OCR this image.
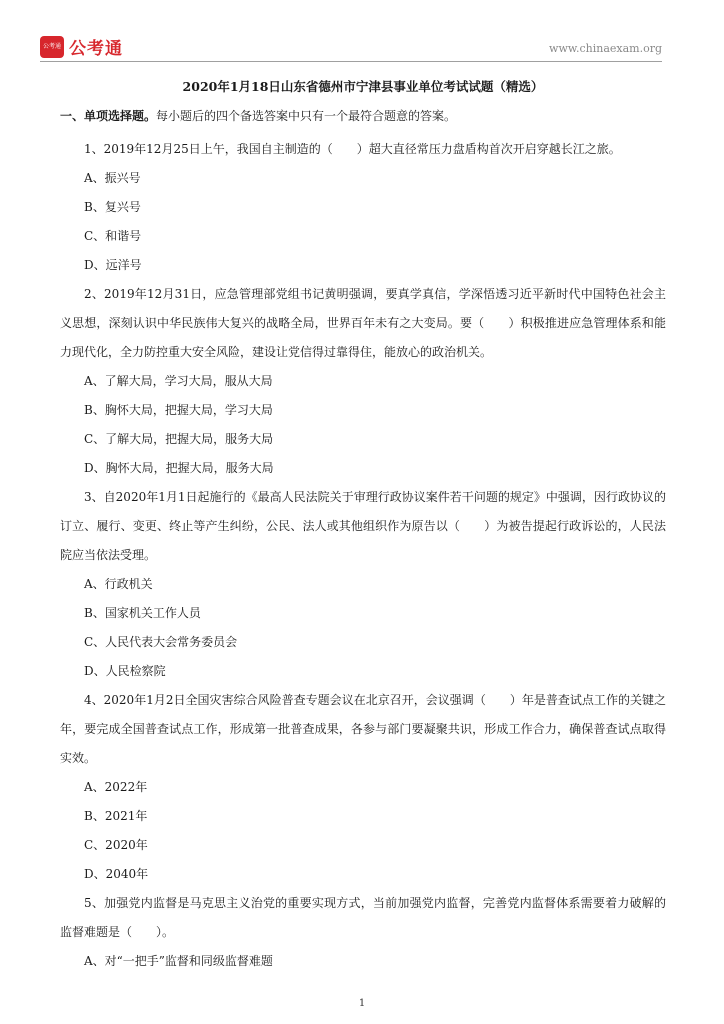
公考通 公考通	www.chinaexam.org
2020年1月18日山东省德州市宁津县事业单位考试试题（精选）
一、单项选择题。每小题后的四个备选答案中只有一个最符合题意的答案。

1、2019年12月25日上午，我国自主制造的（　　）超大直径常压力盘盾构首次开启穿越长江之旅。

A、振兴号

B、复兴号

C、和谐号

D、远洋号

2、2019年12月31日，应急管理部党组书记黄明强调，要真学真信，学深悟透习近平新时代中国特色社会主义思想，深刻认识中华民族伟大复兴的战略全局，世界百年未有之大变局。要（　　）积极推进应急管理体系和能力现代化，全力防控重大安全风险，建设让党信得过靠得住，能放心的政治机关。

A、了解大局，学习大局，服从大局

B、胸怀大局，把握大局，学习大局

C、了解大局，把握大局，服务大局

D、胸怀大局，把握大局，服务大局

3、自2020年1月1日起施行的《最高人民法院关于审理行政协议案件若干问题的规定》中强调，因行政协议的订立、履行、变更、终止等产生纠纷，公民、法人或其他组织作为原告以（　　）为被告提起行政诉讼的，人民法院应当依法受理。

A、行政机关

B、国家机关工作人员

C、人民代表大会常务委员会

D、人民检察院

4、2020年1月2日全国灾害综合风险普查专题会议在北京召开，会议强调（　　）年是普查试点工作的关键之年，要完成全国普查试点工作，形成第一批普查成果，各参与部门要凝聚共识，形成工作合力，确保普查试点取得实效。

A、2022年

B、2021年

C、2020年

D、2040年

5、加强党内监督是马克思主义治党的重要实现方式，当前加强党内监督，完善党内监督体系需要着力破解的监督难题是（　　）。

A、对“一把手”监督和同级监督难题

1
